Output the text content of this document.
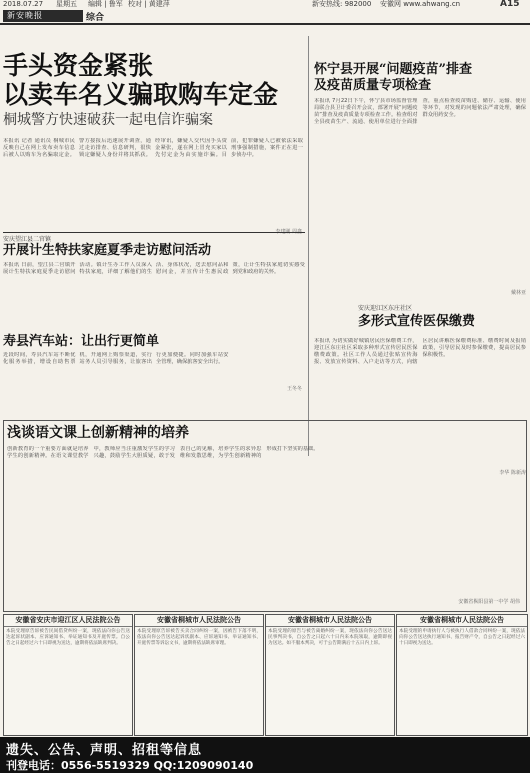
2018.07.27 星期五 编辑 | 鲁军 校对 | 黄建萍	新安热线: 982000 安徽网 www.ahwang.cn	A15
新安晚报	综合
手头资金紧张
以卖车名义骗取购车定金
桐城警方快速破获一起电信诈骗案
本报讯 记者 通讯员 桐城市民反映自己在网上发布卖车信息后被人以购车为名骗取定金。警方接报后迅速展开调查，通过走访排查、信息研判，很快锁定嫌疑人身份并将其抓获。经审讯，嫌疑人交代因手头资金紧张，遂在网上冒充买家以先付定金为由实施诈骗。目前，犯罪嫌疑人已被依法采取刑事强制措施，案件正在进一步侦办中。
怀宁县开展“问题疫苗”排查
及疫苗质量专项检查
本报讯 7月22日下午，怀宁县市场监督管理局联合县卫计委召开会议，部署开展“问题疫苗”排查及疫苗质量专项检查工作。检查组对全县疫苗生产、流通、使用单位进行全面排查，重点检查疫苗购进、储存、运输、使用等环节，对发现的问题依法严肃处理，确保群众用药安全。
戴林亚
安庆迎江区东庄社区
多形式宣传医保缴费
本报讯 为切实做好城镇居民医保缴费工作，迎江区东庄社区采取多种形式宣传居民医保缴费政策。社区工作人员通过张贴宣传海报、发放宣传资料、入户走访等方式，向辖区居民讲解医保缴费标准、缴费时间及报销政策，引导居民及时参保缴费，提高居民参保积极性。
李华 陈新涛
安庆望江县二官镇
开展计生特扶家庭夏季走访慰问活动
本报讯 日前，望江县二官镇开展计生特扶家庭夏季走访慰问活动。镇计生办工作人员深入特扶家庭，详细了解他们的生活、身体状况，送去慰问品和慰问金，并宣传计生惠民政策，让计生特扶家庭切实感受到党和政府的关怀。
寿县汽车站：让出行更简单
近段时间，寿县汽车站不断优化服务举措，增设自助售票机，开通网上购票渠道，实行站务人员引导服务，让旅客出行更加便捷。同时加强车站安全管理，确保旅客安全出行。
王冬冬
浅谈语文课上创新精神的培养
创新教育的一个重要方面就是培养学生的创新精神。在语文课堂教学中，教师应当注重激发学生的学习兴趣，鼓励学生大胆质疑，敢于发表自己的见解，培养学生的求异思维和发散思维，为学生创新精神的形成打下坚实的基础。
安徽省枞阳县第一中学 胡伟
安徽省安庆市迎江区人民法院公告
本院受理原告诉被告民间借贷纠纷一案，现依法向你公告送达起诉状副本、应诉通知书、举证通知书及开庭传票。自公告之日起经过六十日即视为送达，逾期将依法缺席判决。
安徽省桐城市人民法院公告
本院受理原告诉被告买卖合同纠纷一案，因被告下落不明，依法向你公告送达起诉状副本、应诉通知书、举证通知书、开庭传票等诉讼文书，逾期将依法缺席审理。
安徽省桐城市人民法院公告
本院受理的原告与被告离婚纠纷一案，现依法向你公告送达民事判决书，自公告之日起六十日内来本院领取，逾期即视为送达。如不服本判决，可于公告期满后十五日内上诉。
安徽省桐城市人民法院公告
本院受理的申请执行人与被执行人借款合同纠纷一案，现依法向你公告送达执行通知书、报告财产令，自公告之日起经过六十日即视为送达。
遗失、公告、声明、招租等信息
刊登电话：0556-5519329 QQ:1209090140
